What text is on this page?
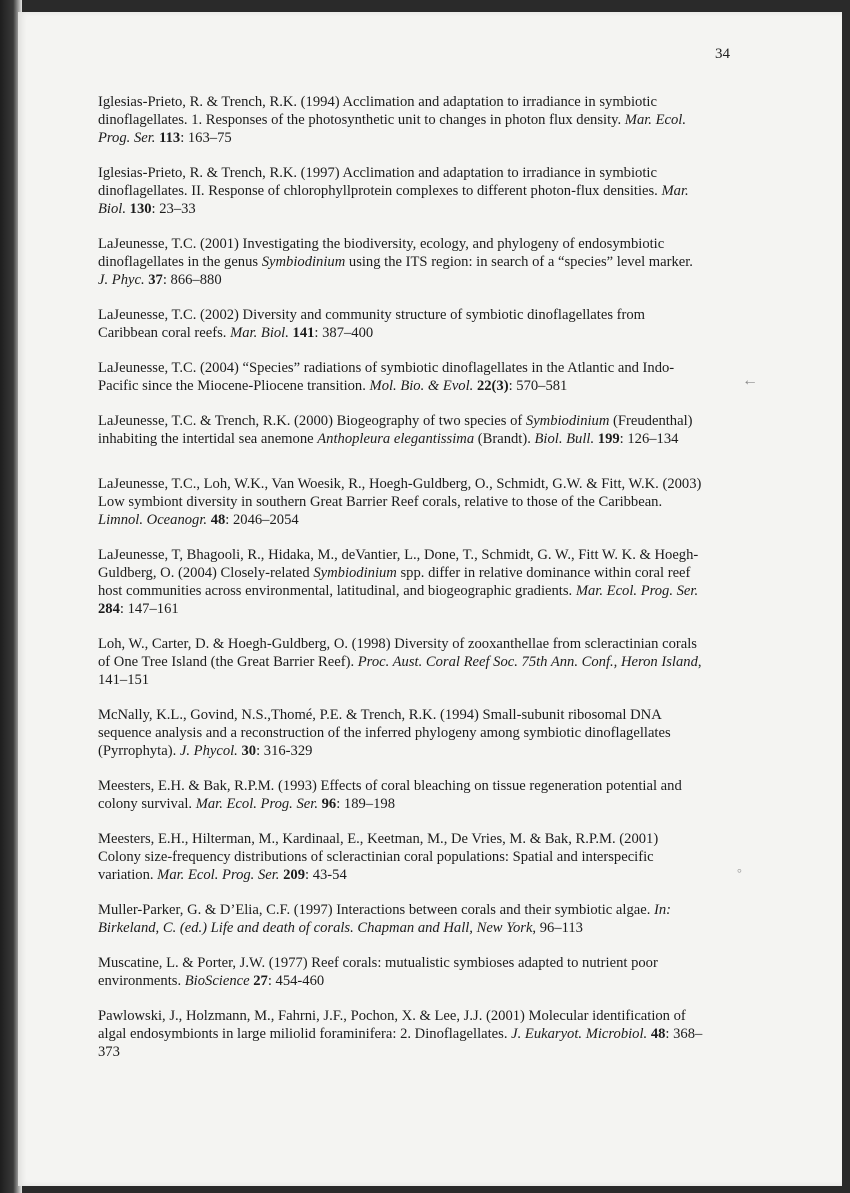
34

Iglesias-Prieto, R. & Trench, R.K. (1994) Acclimation and adaptation to irradiance in symbiotic dinoflagellates. 1. Responses of the photosynthetic unit to changes in photon flux density. Mar. Ecol. Prog. Ser. 113: 163–75

Iglesias-Prieto, R. & Trench, R.K. (1997) Acclimation and adaptation to irradiance in symbiotic dinoflagellates. II. Response of chlorophyllprotein complexes to different photon-flux densities. Mar. Biol. 130: 23–33

LaJeunesse, T.C. (2001) Investigating the biodiversity, ecology, and phylogeny of endosymbiotic dinoflagellates in the genus Symbiodinium using the ITS region: in search of a “species” level marker. J. Phyc. 37: 866–880

LaJeunesse, T.C. (2002) Diversity and community structure of symbiotic dinoflagellates from Caribbean coral reefs. Mar. Biol. 141: 387–400

LaJeunesse, T.C. (2004) “Species” radiations of symbiotic dinoflagellates in the Atlantic and Indo-Pacific since the Miocene-Pliocene transition. Mol. Bio. & Evol. 22(3): 570–581

LaJeunesse, T.C. & Trench, R.K. (2000) Biogeography of two species of Symbiodinium (Freudenthal) inhabiting the intertidal sea anemone Anthopleura elegantissima (Brandt). Biol. Bull. 199: 126–134

LaJeunesse, T.C., Loh, W.K., Van Woesik, R., Hoegh-Guldberg, O., Schmidt, G.W. & Fitt, W.K. (2003) Low symbiont diversity in southern Great Barrier Reef corals, relative to those of the Caribbean. Limnol. Oceanogr. 48: 2046–2054

LaJeunesse, T, Bhagooli, R., Hidaka, M., deVantier, L., Done, T., Schmidt, G. W., Fitt W. K. & Hoegh-Guldberg, O. (2004) Closely-related Symbiodinium spp. differ in relative dominance within coral reef host communities across environmental, latitudinal, and biogeographic gradients. Mar. Ecol. Prog. Ser. 284: 147–161

Loh, W., Carter, D. & Hoegh-Guldberg, O. (1998) Diversity of zooxanthellae from scleractinian corals of One Tree Island (the Great Barrier Reef). Proc. Aust. Coral Reef Soc. 75th Ann. Conf., Heron Island, 141–151

McNally, K.L., Govind, N.S.,Thomé, P.E. & Trench, R.K. (1994) Small-subunit ribosomal DNA sequence analysis and a reconstruction of the inferred phylogeny among symbiotic dinoflagellates (Pyrrophyta). J. Phycol. 30: 316-329

Meesters, E.H. & Bak, R.P.M. (1993) Effects of coral bleaching on tissue regeneration potential and colony survival. Mar. Ecol. Prog. Ser. 96: 189–198

Meesters, E.H., Hilterman, M., Kardinaal, E., Keetman, M., De Vries, M. & Bak, R.P.M. (2001) Colony size-frequency distributions of scleractinian coral populations: Spatial and interspecific variation. Mar. Ecol. Prog. Ser. 209: 43-54

Muller-Parker, G. & D’Elia, C.F. (1997) Interactions between corals and their symbiotic algae. In: Birkeland, C. (ed.) Life and death of corals. Chapman and Hall, New York, 96–113

Muscatine, L. & Porter, J.W. (1977) Reef corals: mutualistic symbioses adapted to nutrient poor environments. BioScience 27: 454-460

Pawlowski, J., Holzmann, M., Fahrni, J.F., Pochon, X. & Lee, J.J. (2001) Molecular identification of algal endosymbionts in large miliolid foraminifera: 2. Dinoflagellates. J. Eukaryot. Microbiol. 48: 368–373

←
°
